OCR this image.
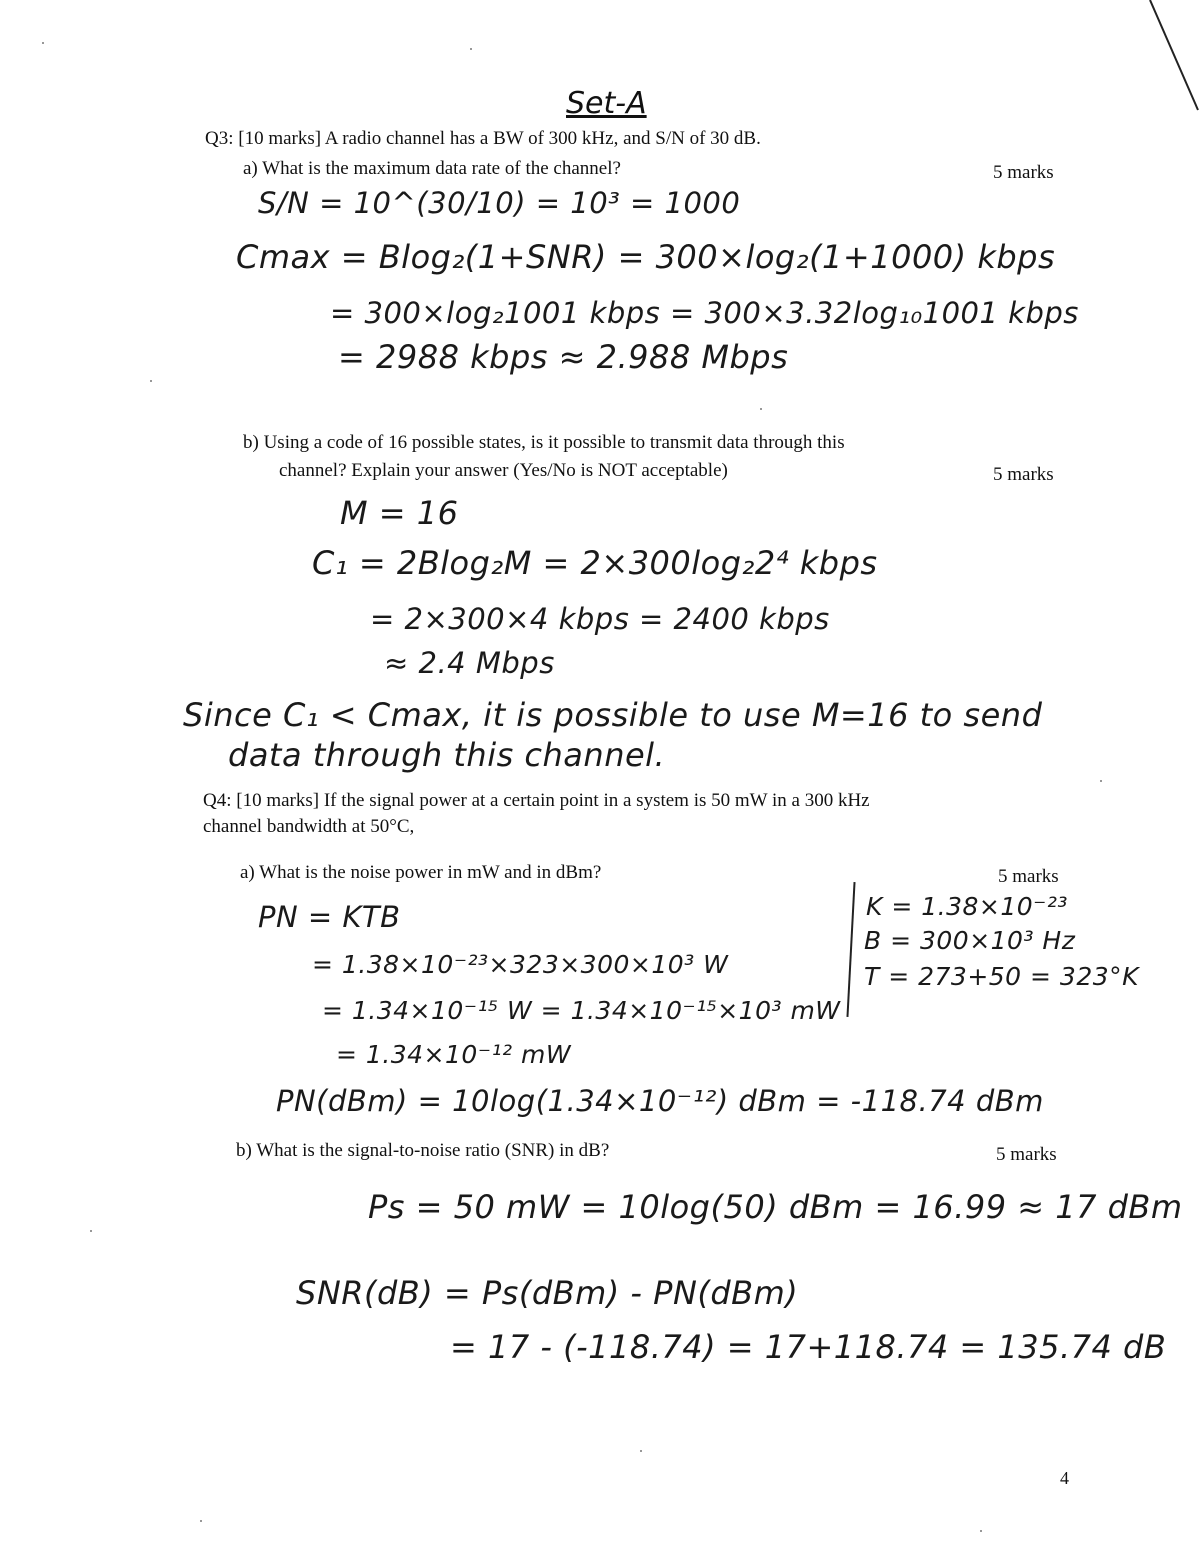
Set-A
Q3: [10 marks] A radio channel has a BW of 300 kHz, and S/N of 30 dB.
a) What is the maximum data rate of the channel?	5 marks
S/N = 10^(30/10) = 10³ = 1000
Cmax = Blog₂(1+SNR) = 300×log₂(1+1000) kbps
= 300×log₂1001 kbps = 300×3.32log₁₀1001 kbps
= 2988 kbps ≈ 2.988 Mbps
b) Using a code of 16 possible states, is it possible to transmit data through this
channel? Explain your answer (Yes/No is NOT acceptable)	5 marks
M = 16
C₁ = 2Blog₂M = 2×300log₂2⁴ kbps
= 2×300×4 kbps = 2400 kbps
≈ 2.4 Mbps
Since C₁ < Cmax, it is possible to use M=16 to send
data through this channel.
Q4: [10 marks] If the signal power at a certain point in a system is 50 mW in a 300 kHz
channel bandwidth at 50°C,
a) What is the noise power in mW and in dBm?	5 marks
PN = KTB
= 1.38×10⁻²³×323×300×10³ W
= 1.34×10⁻¹⁵ W = 1.34×10⁻¹⁵×10³ mW
= 1.34×10⁻¹² mW
PN(dBm) = 10log(1.34×10⁻¹²) dBm = -118.74 dBm
K = 1.38×10⁻²³
B = 300×10³ Hz
T = 273+50 = 323°K
b) What is the signal-to-noise ratio (SNR) in dB?	5 marks
Ps = 50 mW = 10log(50) dBm = 16.99 ≈ 17 dBm
SNR(dB) = Ps(dBm) - PN(dBm)
= 17 - (-118.74) = 17+118.74 = 135.74 dB
4
